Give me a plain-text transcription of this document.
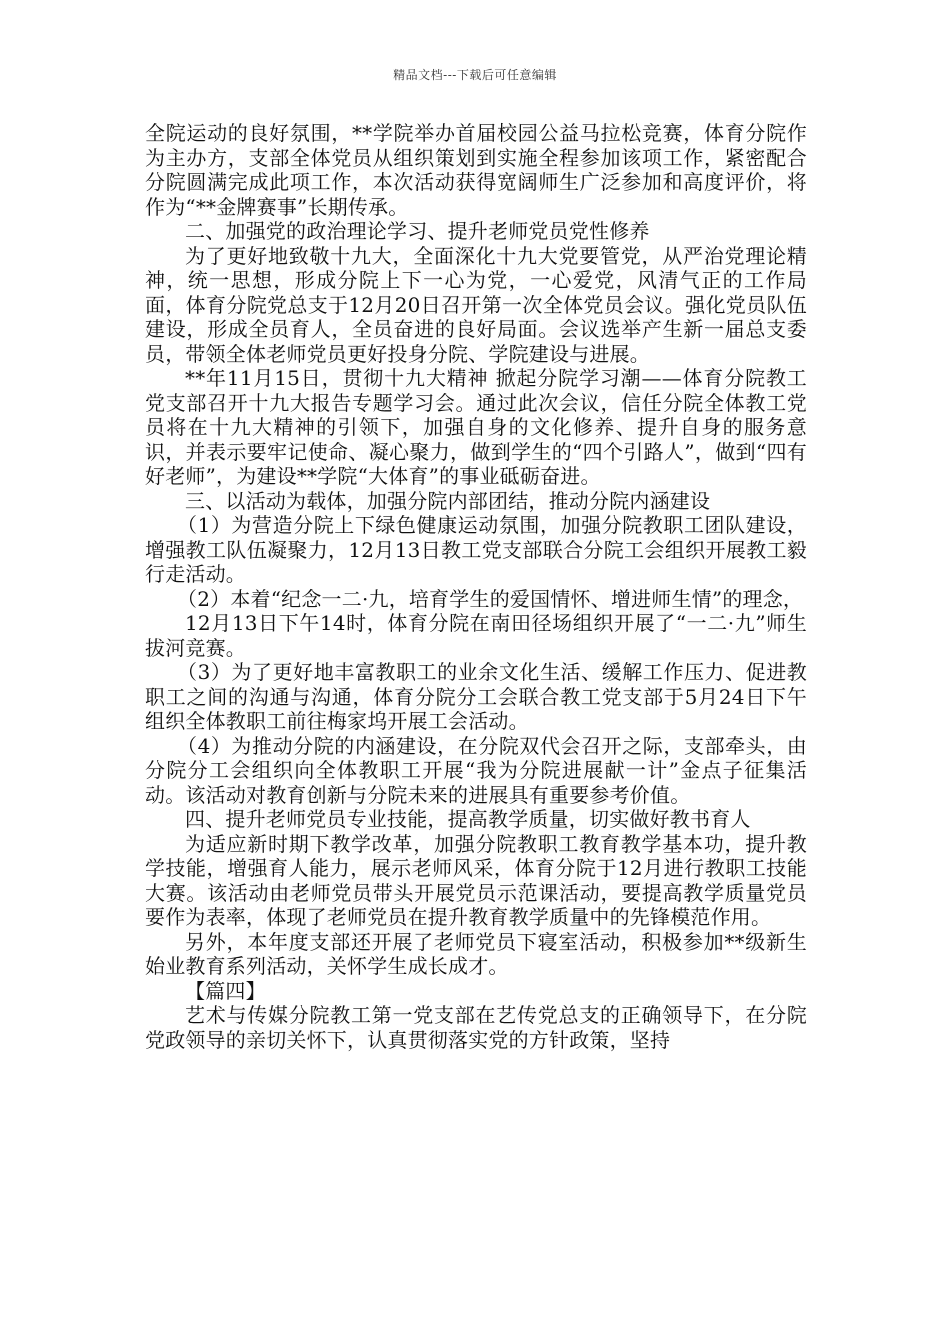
精品文档---下载后可任意编辑

全院运动的良好氛围，**学院举办首届校园公益马拉松竞赛，体育分院作为主办方，支部全体党员从组织策划到实施全程参加该项工作，紧密配合分院圆满完成此项工作，本次活动获得宽阔师生广泛参加和高度评价，将作为“**金牌赛事”长期传承。

二、加强党的政治理论学习、提升老师党员党性修养

为了更好地致敬十九大，全面深化十九大党要管党，从严治党理论精神，统一思想，形成分院上下一心为党，一心爱党，风清气正的工作局面，体育分院党总支于12月20日召开第一次全体党员会议。强化党员队伍建设，形成全员育人，全员奋进的良好局面。会议选举产生新一届总支委员，带领全体老师党员更好投身分院、学院建设与进展。

**年11月15日，贯彻十九大精神 掀起分院学习潮——体育分院教工党支部召开十九大报告专题学习会。通过此次会议，信任分院全体教工党员将在十九大精神的引领下，加强自身的文化修养、提升自身的服务意识，并表示要牢记使命、凝心聚力，做到学生的“四个引路人”，做到“四有好老师”，为建设**学院“大体育”的事业砥砺奋进。

三、以活动为载体，加强分院内部团结，推动分院内涵建设

（1）为营造分院上下绿色健康运动氛围，加强分院教职工团队建设，增强教工队伍凝聚力，12月13日教工党支部联合分院工会组织开展教工毅行走活动。

（2）本着“纪念一二·九，培育学生的爱国情怀、增进师生情”的理念，

12月13日下午14时，体育分院在南田径场组织开展了“一二·九”师生拔河竞赛。

（3）为了更好地丰富教职工的业余文化生活、缓解工作压力、促进教职工之间的沟通与沟通，体育分院分工会联合教工党支部于5月24日下午组织全体教职工前往梅家坞开展工会活动。

（4）为推动分院的内涵建设，在分院双代会召开之际，支部牵头，由分院分工会组织向全体教职工开展“我为分院进展献一计”金点子征集活动。该活动对教育创新与分院未来的进展具有重要参考价值。

四、提升老师党员专业技能，提高教学质量，切实做好教书育人

为适应新时期下教学改革，加强分院教职工教育教学基本功，提升教学技能，增强育人能力，展示老师风采，体育分院于12月进行教职工技能大赛。该活动由老师党员带头开展党员示范课活动，要提高教学质量党员要作为表率，体现了老师党员在提升教育教学质量中的先锋模范作用。

另外，本年度支部还开展了老师党员下寝室活动，积极参加**级新生始业教育系列活动，关怀学生成长成才。

【篇四】

艺术与传媒分院教工第一党支部在艺传党总支的正确领导下，在分院党政领导的亲切关怀下，认真贯彻落实党的方针政策，坚持
